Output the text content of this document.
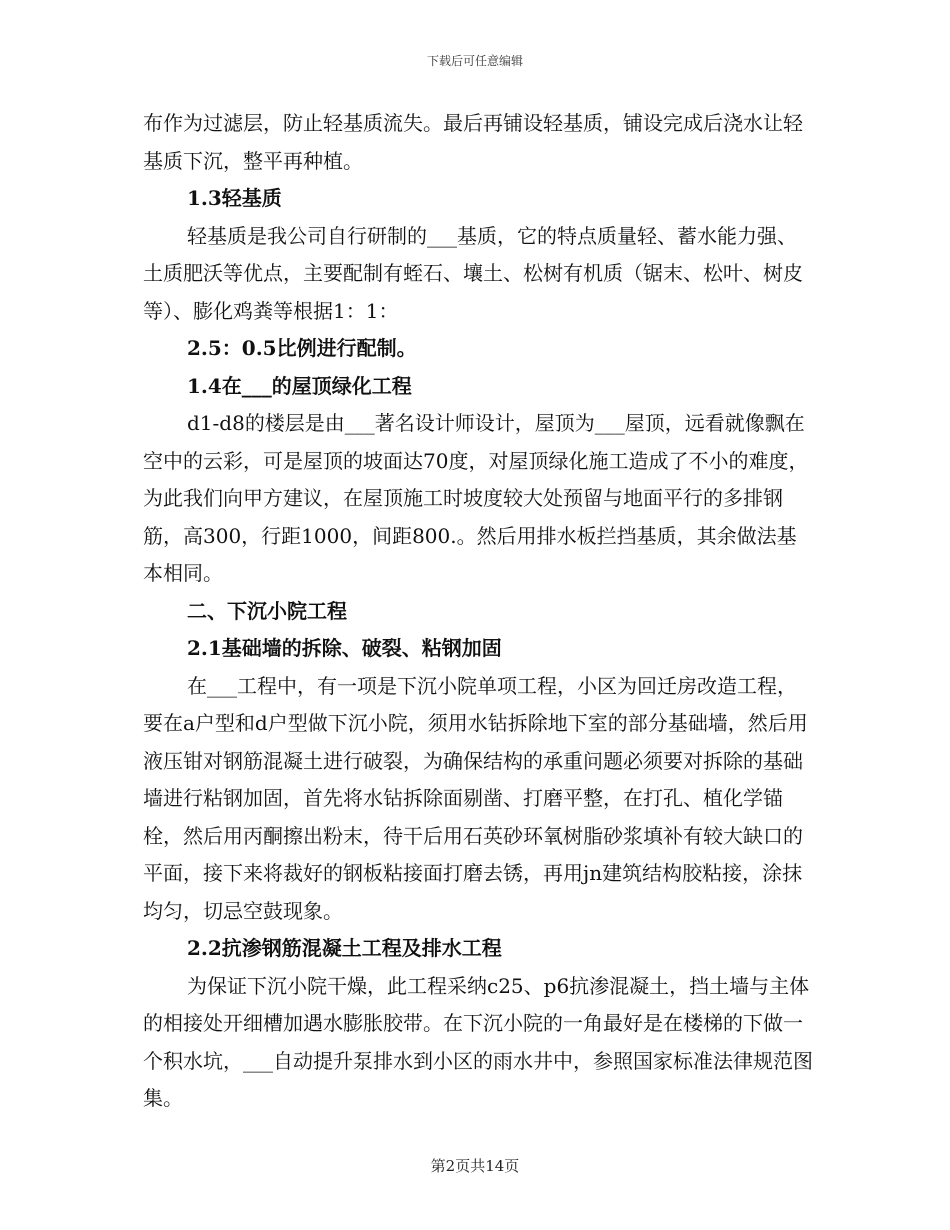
下载后可任意编辑

布作为过滤层，防止轻基质流失。最后再铺设轻基质，铺设完成后浇水让轻基质下沉，整平再种植。

1.3轻基质

轻基质是我公司自行研制的___基质，它的特点质量轻、蓄水能力强、土质肥沃等优点，主要配制有蛭石、壤土、松树有机质（锯末、松叶、树皮等）、膨化鸡粪等根据1：1：

2.5：0.5比例进行配制。

1.4在___的屋顶绿化工程

d1-d8的楼层是由___著名设计师设计，屋顶为___屋顶，远看就像飘在空中的云彩，可是屋顶的坡面达70度，对屋顶绿化施工造成了不小的难度，为此我们向甲方建议，在屋顶施工时坡度较大处预留与地面平行的多排钢筋，高300，行距1000，间距800.。然后用排水板拦挡基质，其余做法基本相同。

二、下沉小院工程

2.1基础墙的拆除、破裂、粘钢加固

在___工程中，有一项是下沉小院单项工程，小区为回迁房改造工程，要在a户型和d户型做下沉小院，须用水钻拆除地下室的部分基础墙，然后用液压钳对钢筋混凝土进行破裂，为确保结构的承重问题必须要对拆除的基础墙进行粘钢加固，首先将水钻拆除面剔凿、打磨平整，在打孔、植化学锚栓，然后用丙酮擦出粉末，待干后用石英砂环氧树脂砂浆填补有较大缺口的平面，接下来将裁好的钢板粘接面打磨去锈，再用jn建筑结构胶粘接，涂抹均匀，切忌空鼓现象。

2.2抗渗钢筋混凝土工程及排水工程

为保证下沉小院干燥，此工程采纳c25、p6抗渗混凝土，挡土墙与主体的相接处开细槽加遇水膨胀胶带。在下沉小院的一角最好是在楼梯的下做一个积水坑，___自动提升泵排水到小区的雨水井中，参照国家标准法律规范图集。

第2页共14页
